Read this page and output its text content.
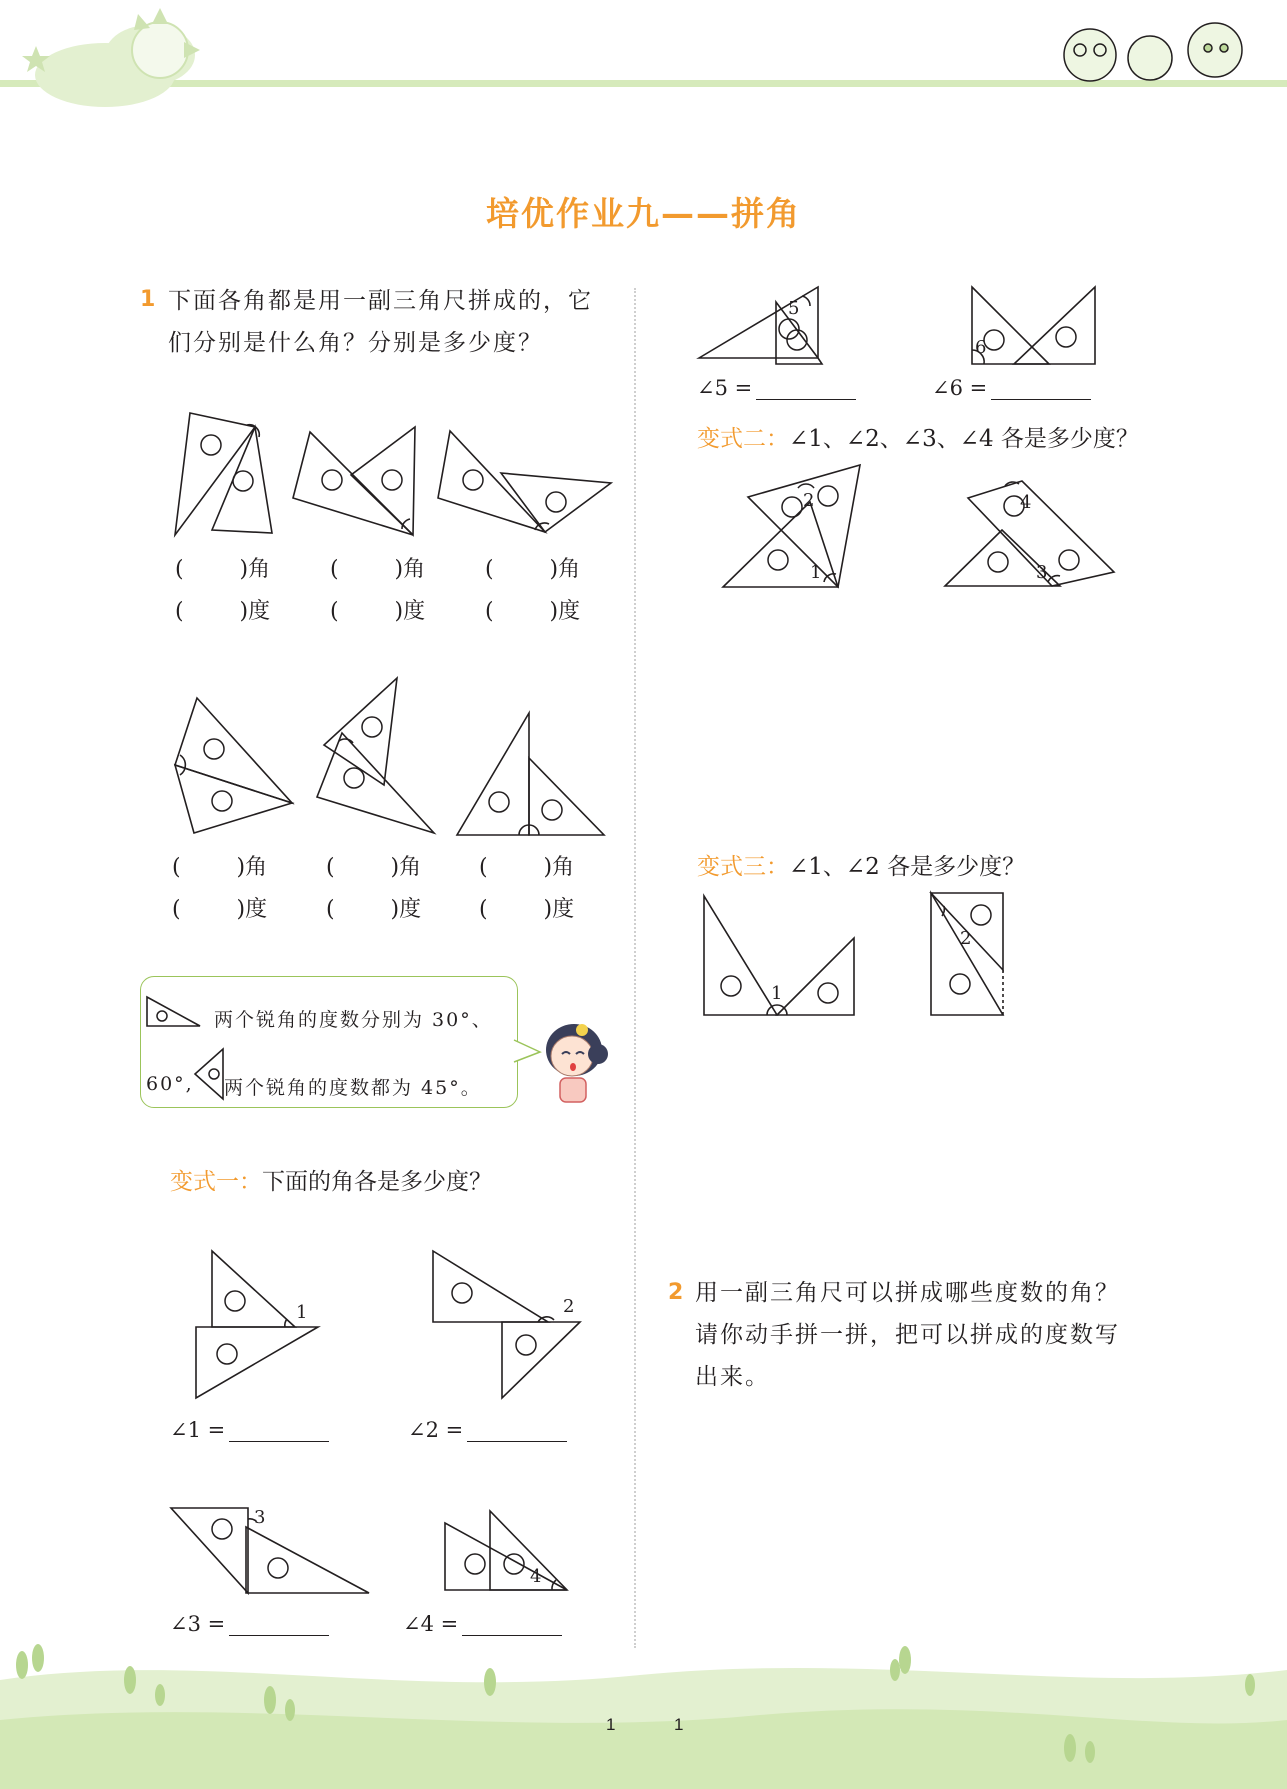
培优作业九——拼角
1 下面各角都是用一副三角尺拼成的，它
们分别是什么角？分别是多少度？
(        )角
(        )度
(        )角
(        )度
(        )角
(        )度
(        )角
(        )度
(        )角
(        )度
(        )角
(        )度
两个锐角的度数分别为 30°、
60°, 两个锐角的度数都为 45°。
变式一：下面的角各是多少度？
1	2
∠1 =	∠2 =
3
4
∠3 =	∠4 =
5
6
∠5 =	∠6 =
变式二：∠1、∠2、∠3、∠4 各是多少度？
2
1
4
3
变式三：∠1、∠2 各是多少度？
1
2
2 用一副三角尺可以拼成哪些度数的角？
请你动手拼一拼，把可以拼成的度数写
出来。
1	1
